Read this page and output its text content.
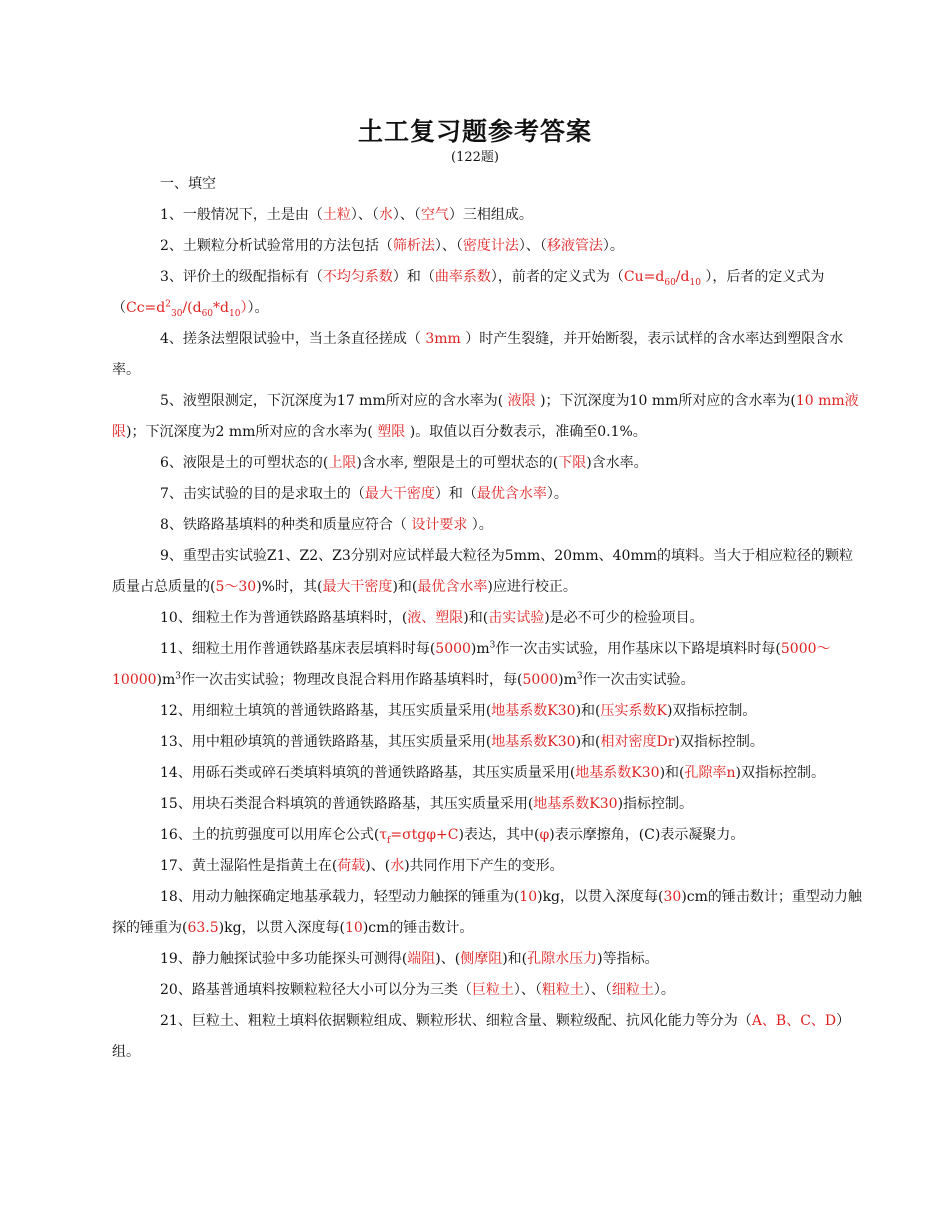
土工复习题参考答案
(122题)
一、填空

1、一般情况下，土是由（土粒）、（水）、（空气）三相组成。

2、土颗粒分析试验常用的方法包括（筛析法）、（密度计法）、（移液管法）。

3、评价土的级配指标有（不均匀系数）和（曲率系数），前者的定义式为（$Cu=d_{60}/d_{10}$ ），后者的定义式为$(Cc=d^2_{30}/(d_{60}*d_{10}))$。

4、搓条法塑限试验中，当土条直径搓成（ 3mm ）时产生裂缝，并开始断裂，表示试样的含水率达到塑限含水率。

5、液塑限测定，下沉深度为17 mm所对应的含水率为( 液限 )；下沉深度为10 mm所对应的含水率为(10 mm液限)；下沉深度为2 mm所对应的含水率为( 塑限 )。取值以百分数表示，准确至0.1%。

6、液限是土的可塑状态的(上限)含水率, 塑限是土的可塑状态的(下限)含水率。

7、击实试验的目的是求取土的（最大干密度）和（最优含水率）。

8、铁路路基填料的种类和质量应符合（ 设计要求 ）。

9、重型击实试验Z1、Z2、Z3分别对应试样最大粒径为5mm、20mm、40mm的填料。当大于相应粒径的颗粒质量占总质量的(5～30)%时，其(最大干密度)和(最优含水率)应进行校正。

10、细粒土作为普通铁路路基填料时，(液、塑限)和(击实试验)是必不可少的检验项目。

11、细粒土用作普通铁路基床表层填料时每$(5000)m^3$作一次击实试验，用作基床以下路堤填料时每$(5000\sim 10000)m^3$作一次击实试验；物理改良混合料用作路基填料时，每$(5000)m^3$作一次击实试验。

12、用细粒土填筑的普通铁路路基，其压实质量采用(地基系数K30)和(压实系数K)双指标控制。

13、用中粗砂填筑的普通铁路路基，其压实质量采用(地基系数K30)和(相对密度Dr)双指标控制。

14、用砾石类或碎石类填料填筑的普通铁路路基，其压实质量采用(地基系数K30)和(孔隙率n)双指标控制。

15、用块石类混合料填筑的普通铁路路基，其压实质量采用(地基系数K30)指标控制。

16、土的抗剪强度可以用库仑公式$(\tau_f=\sigma tg\varphi+C)$表达，其中(φ)表示摩擦角，(C)表示凝聚力。

17、黄土湿陷性是指黄土在(荷载)、(水)共同作用下产生的变形。

18、用动力触探确定地基承载力，轻型动力触探的锤重为(10)kg，以贯入深度每(30)cm的锤击数计；重型动力触探的锤重为(63.5)kg，以贯入深度每(10)cm的锤击数计。

19、静力触探试验中多功能探头可测得(端阻)、(侧摩阻)和(孔隙水压力)等指标。

20、路基普通填料按颗粒粒径大小可以分为三类（巨粒土）、（粗粒土）、（细粒土）。

21、巨粒土、粗粒土填料依据颗粒组成、颗粒形状、细粒含量、颗粒级配、抗风化能力等分为（A、B、C、D）组。
